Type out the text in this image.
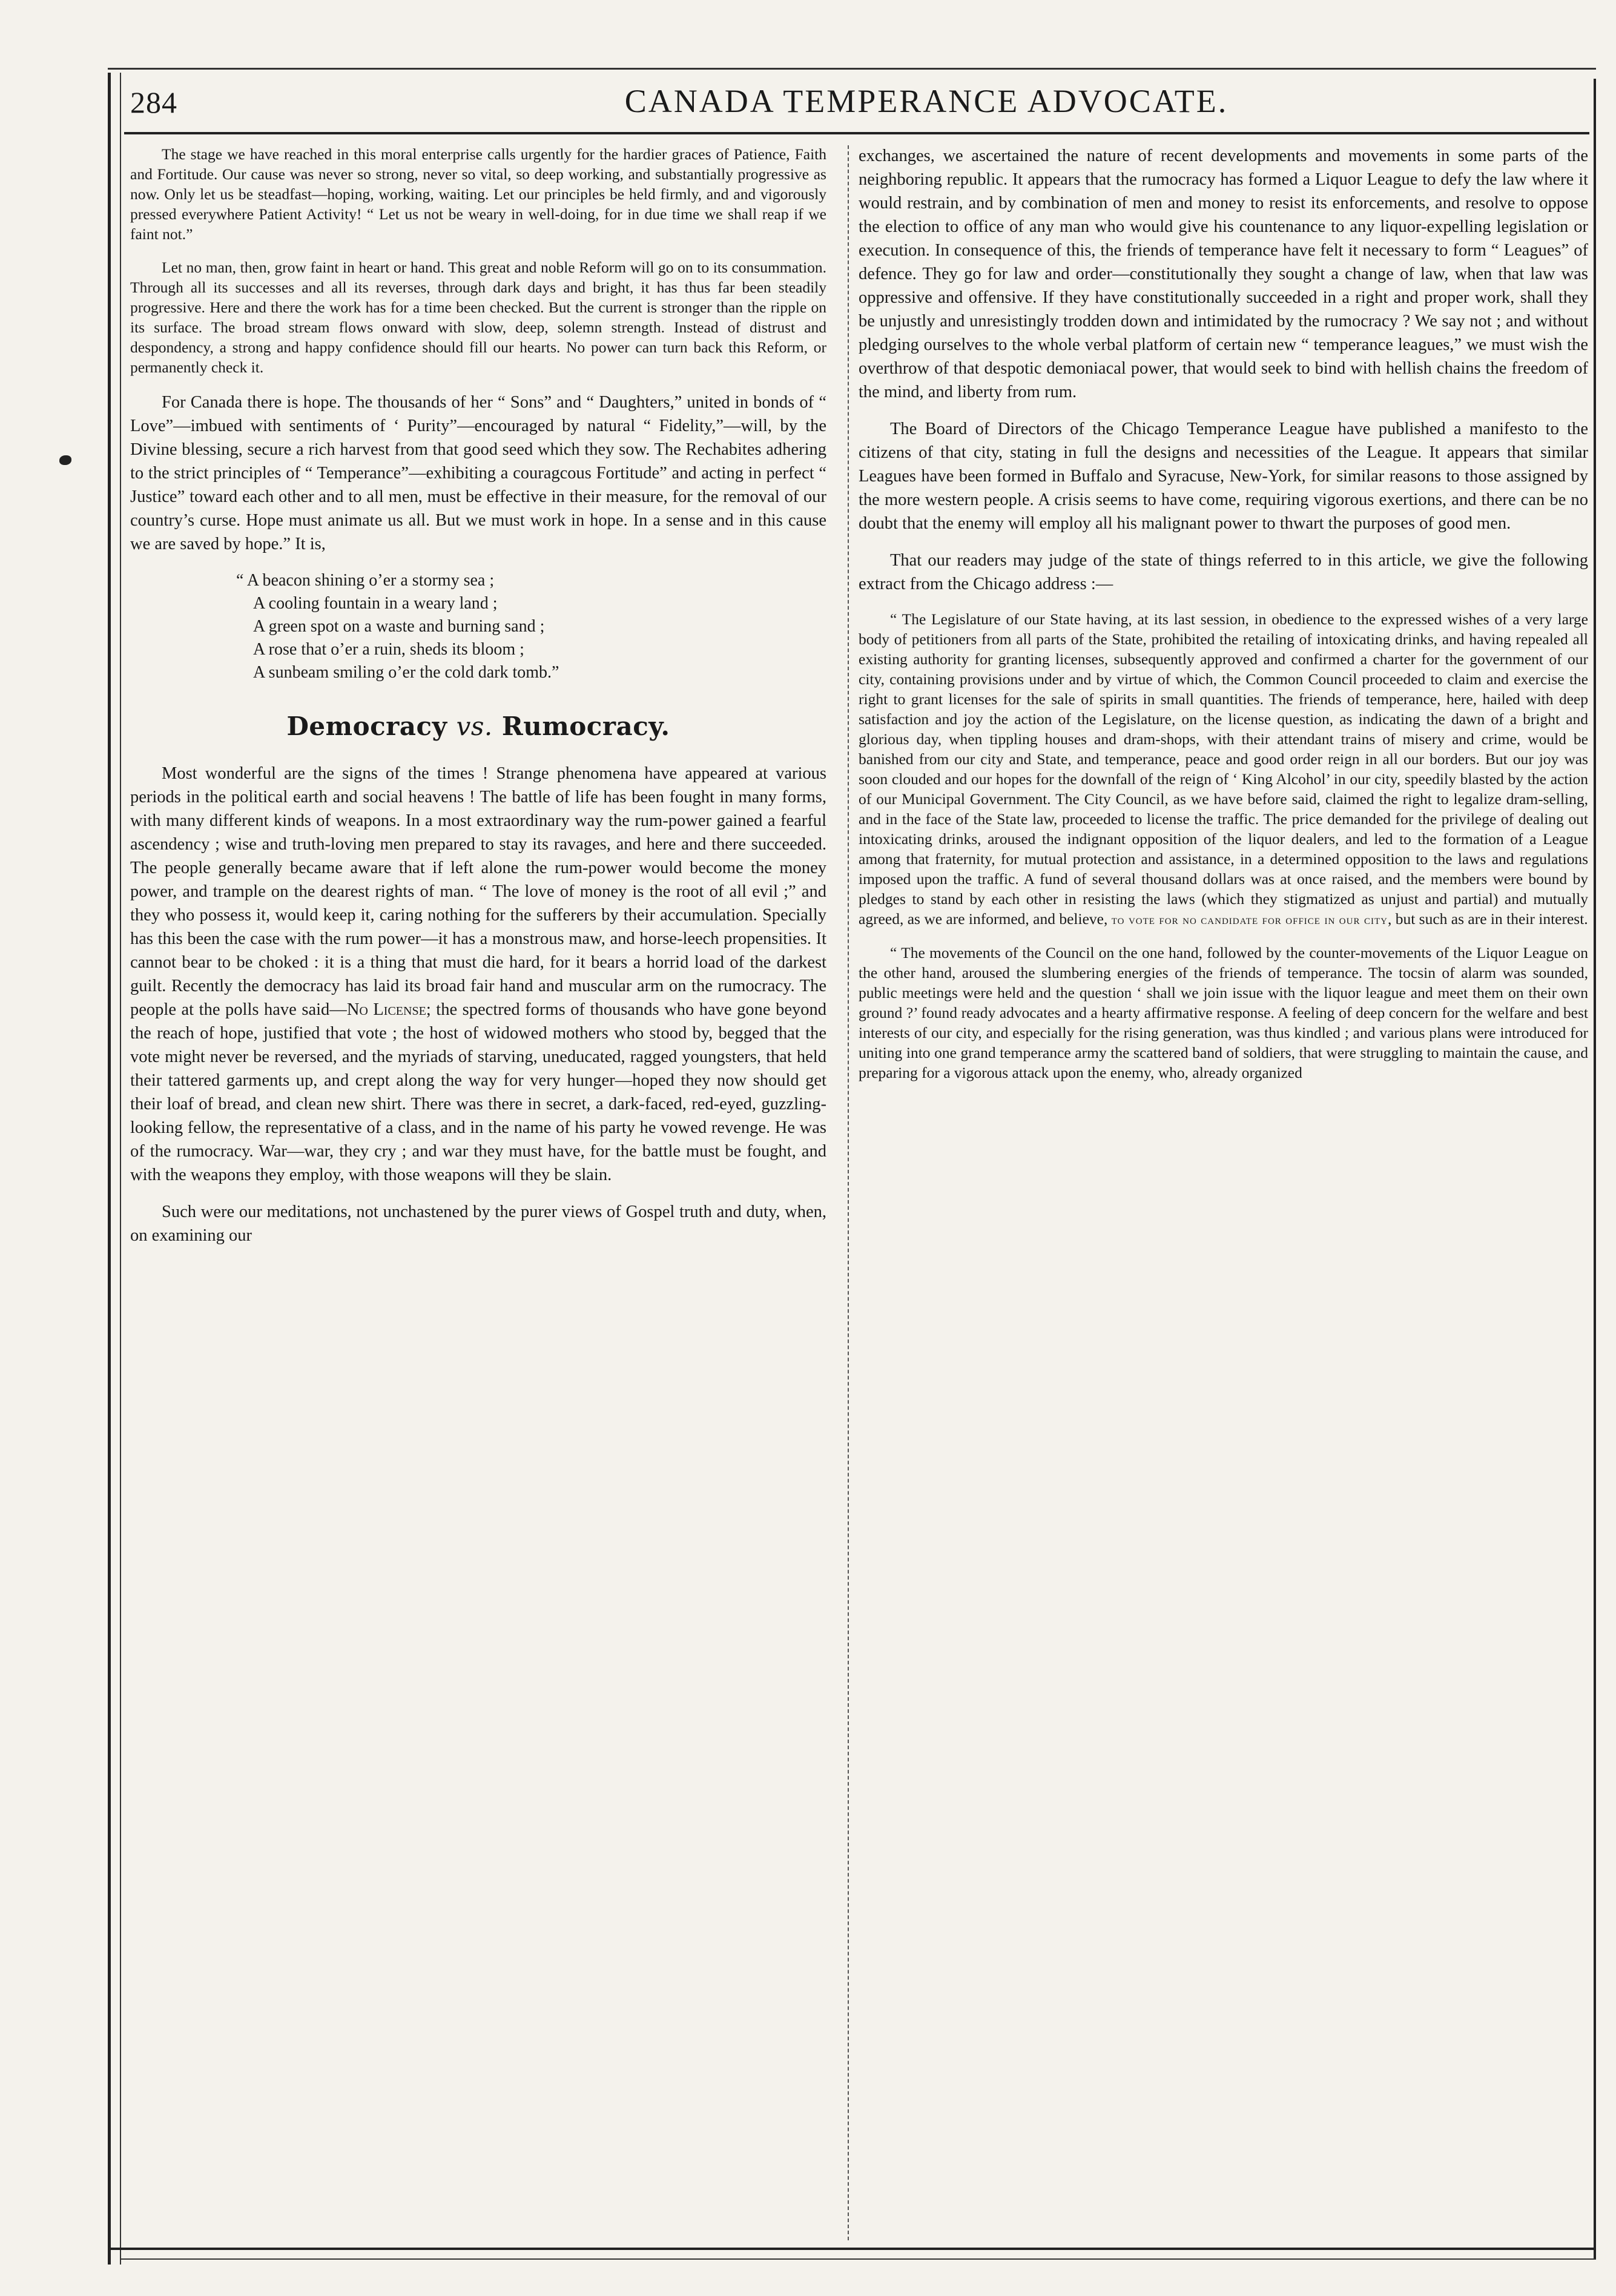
284	CANADA TEMPERANCE ADVOCATE.

The stage we have reached in this moral enterprise calls urgently for the hardier graces of Patience, Faith and Fortitude. Our cause was never so strong, never so vital, so deep working, and substantially progressive as now. Only let us be steadfast—hoping, working, waiting. Let our principles be held firmly, and and vigorously pressed everywhere Patient Activity! “ Let us not be weary in well-doing, for in due time we shall reap if we faint not.”

Let no man, then, grow faint in heart or hand. This great and noble Reform will go on to its consummation. Through all its successes and all its reverses, through dark days and bright, it has thus far been steadily progressive. Here and there the work has for a time been checked. But the current is stronger than the ripple on its surface. The broad stream flows onward with slow, deep, solemn strength. Instead of distrust and despondency, a strong and happy confidence should fill our hearts. No power can turn back this Reform, or permanently check it.

For Canada there is hope. The thousands of her “ Sons” and “ Daughters,” united in bonds of “ Love”—imbued with sentiments of ‘ Purity”—encouraged by natural “ Fidelity,”—will, by the Divine blessing, secure a rich harvest from that good seed which they sow. The Rechabites adhering to the strict principles of “ Temperance”—exhibiting a couragcous Fortitude” and acting in perfect “ Justice” toward each other and to all men, must be effective in their measure, for the removal of our country’s curse. Hope must animate us all. But we must work in hope. In a sense and in this cause we are saved by hope.” It is,

“ A beacon shining o’er a stormy sea ;
A cooling fountain in a weary land ;
A green spot on a waste and burning sand ;
A rose that o’er a ruin, sheds its bloom ;
A sunbeam smiling o’er the cold dark tomb.”
Democracy vs. Rumocracy.

Most wonderful are the signs of the times ! Strange phenomena have appeared at various periods in the political earth and social heavens ! The battle of life has been fought in many forms, with many different kinds of weapons. In a most extraordinary way the rum-power gained a fearful ascendency ; wise and truth-loving men prepared to stay its ravages, and here and there succeeded. The people generally became aware that if left alone the rum-power would become the money power, and trample on the dearest rights of man. “ The love of money is the root of all evil ;” and they who possess it, would keep it, caring nothing for the sufferers by their accumulation. Specially has this been the case with the rum power—it has a monstrous maw, and horse-leech propensities. It cannot bear to be choked : it is a thing that must die hard, for it bears a horrid load of the darkest guilt. Recently the democracy has laid its broad fair hand and muscular arm on the rumocracy. The people at the polls have said—No License; the spectred forms of thousands who have gone beyond the reach of hope, justified that vote ; the host of widowed mothers who stood by, begged that the vote might never be reversed, and the myriads of starving, uneducated, ragged youngsters, that held their tattered garments up, and crept along the way for very hunger—hoped they now should get their loaf of bread, and clean new shirt. There was there in secret, a dark-faced, red-eyed, guzzling-looking fellow, the representative of a class, and in the name of his party he vowed revenge. He was of the rumocracy. War—war, they cry ; and war they must have, for the battle must be fought, and with the weapons they employ, with those weapons will they be slain.

Such were our meditations, not unchastened by the purer views of Gospel truth and duty, when, on examining our

exchanges, we ascertained the nature of recent developments and movements in some parts of the neighboring republic. It appears that the rumocracy has formed a Liquor League to defy the law where it would restrain, and by combination of men and money to resist its enforcements, and resolve to oppose the election to office of any man who would give his countenance to any liquor-expelling legislation or execution. In consequence of this, the friends of temperance have felt it necessary to form “ Leagues” of defence. They go for law and order—constitutionally they sought a change of law, when that law was oppressive and offensive. If they have constitutionally succeeded in a right and proper work, shall they be unjustly and unresistingly trodden down and intimidated by the rumocracy ? We say not ; and without pledging ourselves to the whole verbal platform of certain new “ temperance leagues,” we must wish the overthrow of that despotic demoniacal power, that would seek to bind with hellish chains the freedom of the mind, and liberty from rum.

The Board of Directors of the Chicago Temperance League have published a manifesto to the citizens of that city, stating in full the designs and necessities of the League. It appears that similar Leagues have been formed in Buffalo and Syracuse, New-York, for similar reasons to those assigned by the more western people. A crisis seems to have come, requiring vigorous exertions, and there can be no doubt that the enemy will employ all his malignant power to thwart the purposes of good men.

That our readers may judge of the state of things referred to in this article, we give the following extract from the Chicago address :—

“ The Legislature of our State having, at its last session, in obedience to the expressed wishes of a very large body of petitioners from all parts of the State, prohibited the retailing of intoxicating drinks, and having repealed all existing authority for granting licenses, subsequently approved and confirmed a charter for the government of our city, containing provisions under and by virtue of which, the Common Council proceeded to claim and exercise the right to grant licenses for the sale of spirits in small quantities. The friends of temperance, here, hailed with deep satisfaction and joy the action of the Legislature, on the license question, as indicating the dawn of a bright and glorious day, when tippling houses and dram-shops, with their attendant trains of misery and crime, would be banished from our city and State, and temperance, peace and good order reign in all our borders. But our joy was soon clouded and our hopes for the downfall of the reign of ‘ King Alcohol’ in our city, speedily blasted by the action of our Municipal Government. The City Council, as we have before said, claimed the right to legalize dram-selling, and in the face of the State law, proceeded to license the traffic. The price demanded for the privilege of dealing out intoxicating drinks, aroused the indignant opposition of the liquor dealers, and led to the formation of a League among that fraternity, for mutual protection and assistance, in a determined opposition to the laws and regulations imposed upon the traffic. A fund of several thousand dollars was at once raised, and the members were bound by pledges to stand by each other in resisting the laws (which they stigmatized as unjust and partial) and mutually agreed, as we are informed, and believe, to vote for no candidate for office in our city, but such as are in their interest.

“ The movements of the Council on the one hand, followed by the counter-movements of the Liquor League on the other hand, aroused the slumbering energies of the friends of temperance. The tocsin of alarm was sounded, public meetings were held and the question ‘ shall we join issue with the liquor league and meet them on their own ground ?’ found ready advocates and a hearty affirmative response. A feeling of deep concern for the welfare and best interests of our city, and especially for the rising generation, was thus kindled ; and various plans were introduced for uniting into one grand temperance army the scattered band of soldiers, that were struggling to maintain the cause, and preparing for a vigorous attack upon the enemy, who, already organized
